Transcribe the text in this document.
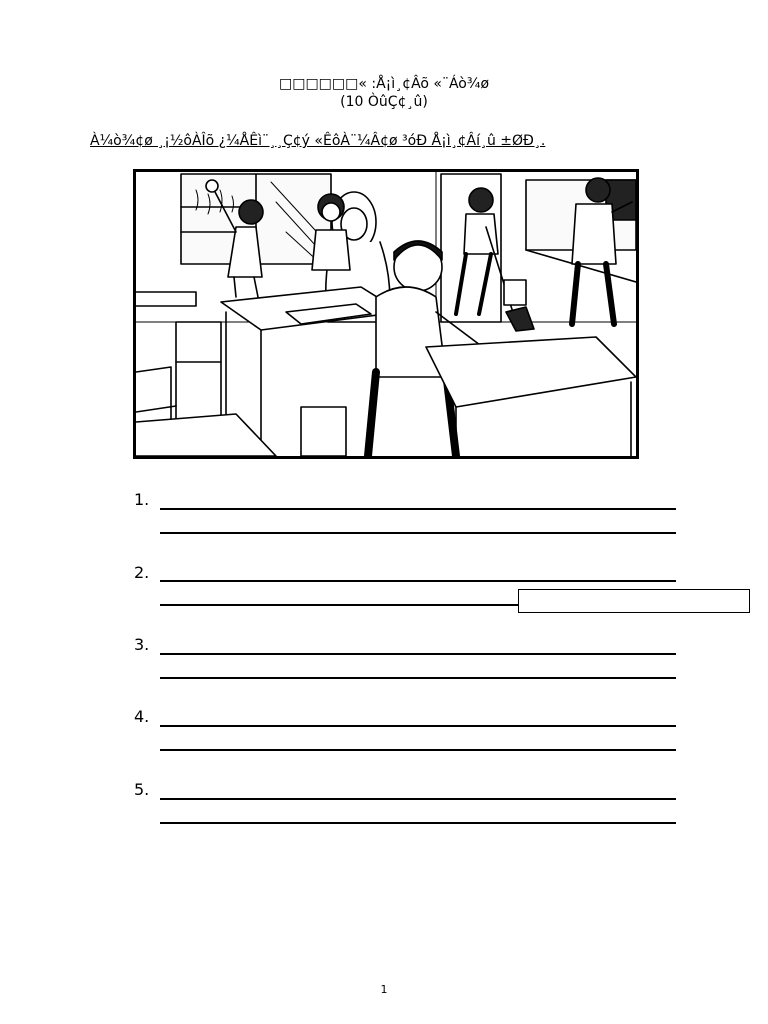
□□□□□□« :Å¡ì¸¢Âõ «¨Áò¾ø
(10 ÒûÇ¢¸û)
À¼ò¾¢ø ¸¡½ôÀÎõ ¿¼ÅÊì¨¸¸Ç¢ý «ÊôÀ¨¼Â¢ø ³óÐ Å¡ì¸¢Âí¸û ±ØÐ¸.
1.
2.
3.
4.
5.
1
